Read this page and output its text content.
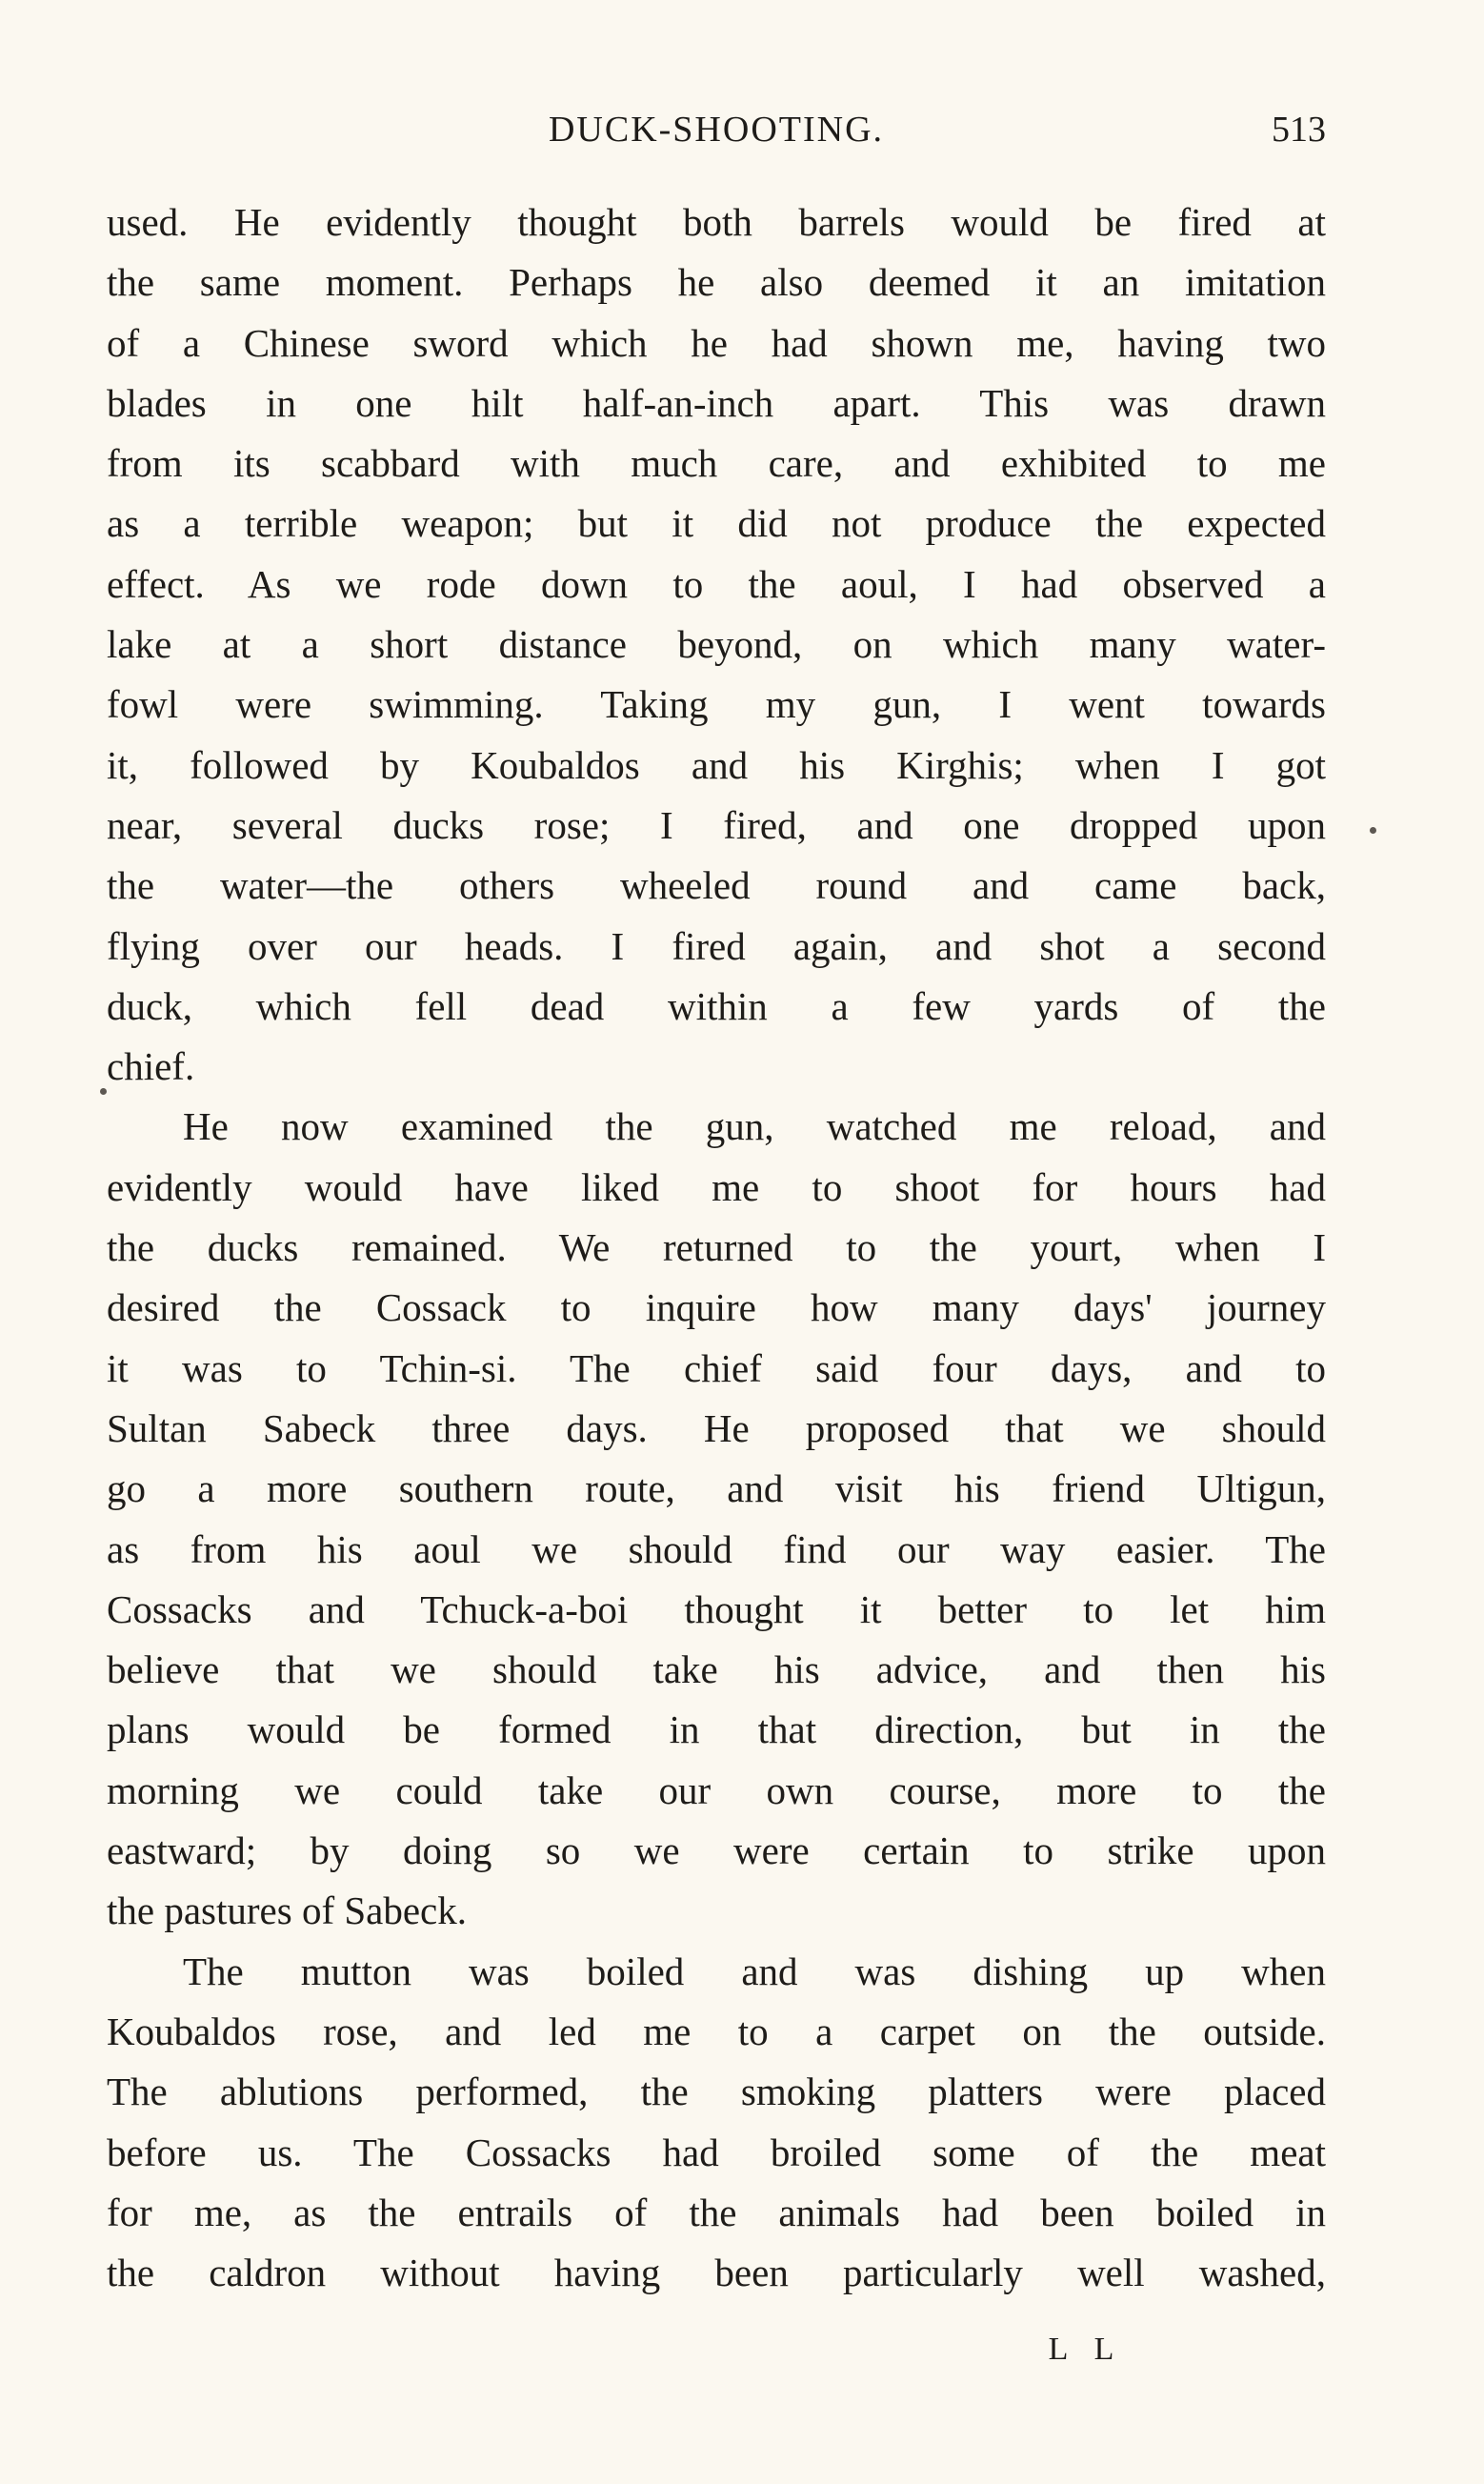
DUCK-SHOOTING.	513
used. He evidently thought both barrels would be fired at
the same moment. Perhaps he also deemed it an imitation
of a Chinese sword which he had shown me, having two
blades in one hilt half-an-inch apart. This was drawn
from its scabbard with much care, and exhibited to me
as a terrible weapon; but it did not produce the expected
effect. As we rode down to the aoul, I had observed a
lake at a short distance beyond, on which many water-
fowl were swimming. Taking my gun, I went towards
it, followed by Koubaldos and his Kirghis; when I got
near, several ducks rose; I fired, and one dropped upon
the water—the others wheeled round and came back,
flying over our heads. I fired again, and shot a second
duck, which fell dead within a few yards of the
chief.
He now examined the gun, watched me reload, and
evidently would have liked me to shoot for hours had
the ducks remained. We returned to the yourt, when I
desired the Cossack to inquire how many days' journey
it was to Tchin-si. The chief said four days, and to
Sultan Sabeck three days. He proposed that we should
go a more southern route, and visit his friend Ultigun,
as from his aoul we should find our way easier. The
Cossacks and Tchuck-a-boi thought it better to let him
believe that we should take his advice, and then his
plans would be formed in that direction, but in the
morning we could take our own course, more to the
eastward; by doing so we were certain to strike upon
the pastures of Sabeck.
The mutton was boiled and was dishing up when
Koubaldos rose, and led me to a carpet on the outside.
The ablutions performed, the smoking platters were placed
before us. The Cossacks had broiled some of the meat
for me, as the entrails of the animals had been boiled in
the caldron without having been particularly well washed,
L L
